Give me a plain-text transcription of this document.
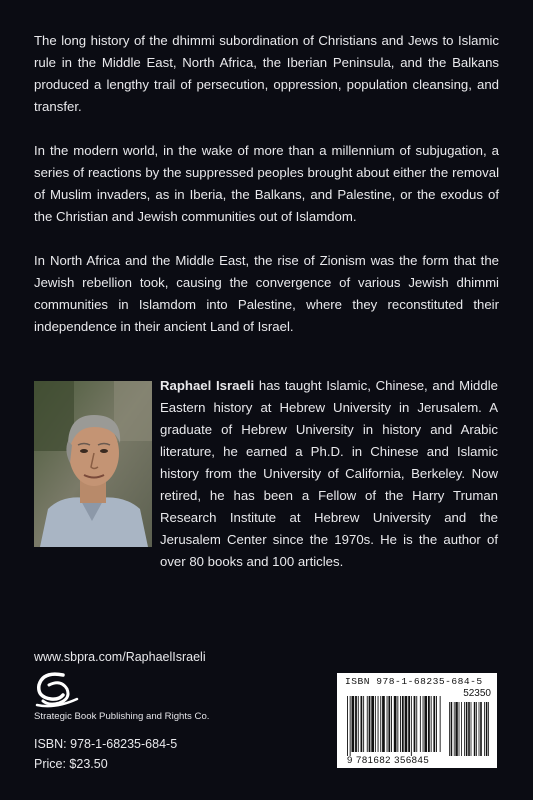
The long history of the dhimmi subordination of Christians and Jews to Islamic rule in the Middle East, North Africa, the Iberian Peninsula, and the Balkans produced a lengthy trail of persecution, oppression, population cleansing, and transfer.

In the modern world, in the wake of more than a millennium of subjugation, a series of reactions by the suppressed peoples brought about either the removal of Muslim invaders, as in Iberia, the Balkans, and Palestine, or the exodus of the Christian and Jewish communities out of Islamdom.

In North Africa and the Middle East, the rise of Zionism was the form that the Jewish rebellion took, causing the convergence of various Jewish dhimmi communities in Islamdom into Palestine, where they reconstituted their independence in their ancient Land of Israel.

Raphael Israeli has taught Islamic, Chinese, and Middle Eastern history at Hebrew University in Jerusalem. A graduate of Hebrew University in history and Arabic literature, he earned a Ph.D. in Chinese and Islamic history from the University of California, Berkeley. Now retired, he has been a Fellow of the Harry Truman Research Institute at Hebrew University and the Jerusalem Center since the 1970s. He is the author of over 80 books and 100 articles.

www.sbpra.com/RaphaelIsraeli
Strategic Book Publishing and Rights Co.
ISBN: 978-1-68235-684-5
Price: $23.50
ISBN 978-1-68235-684-5
52350
9 781682 356845
